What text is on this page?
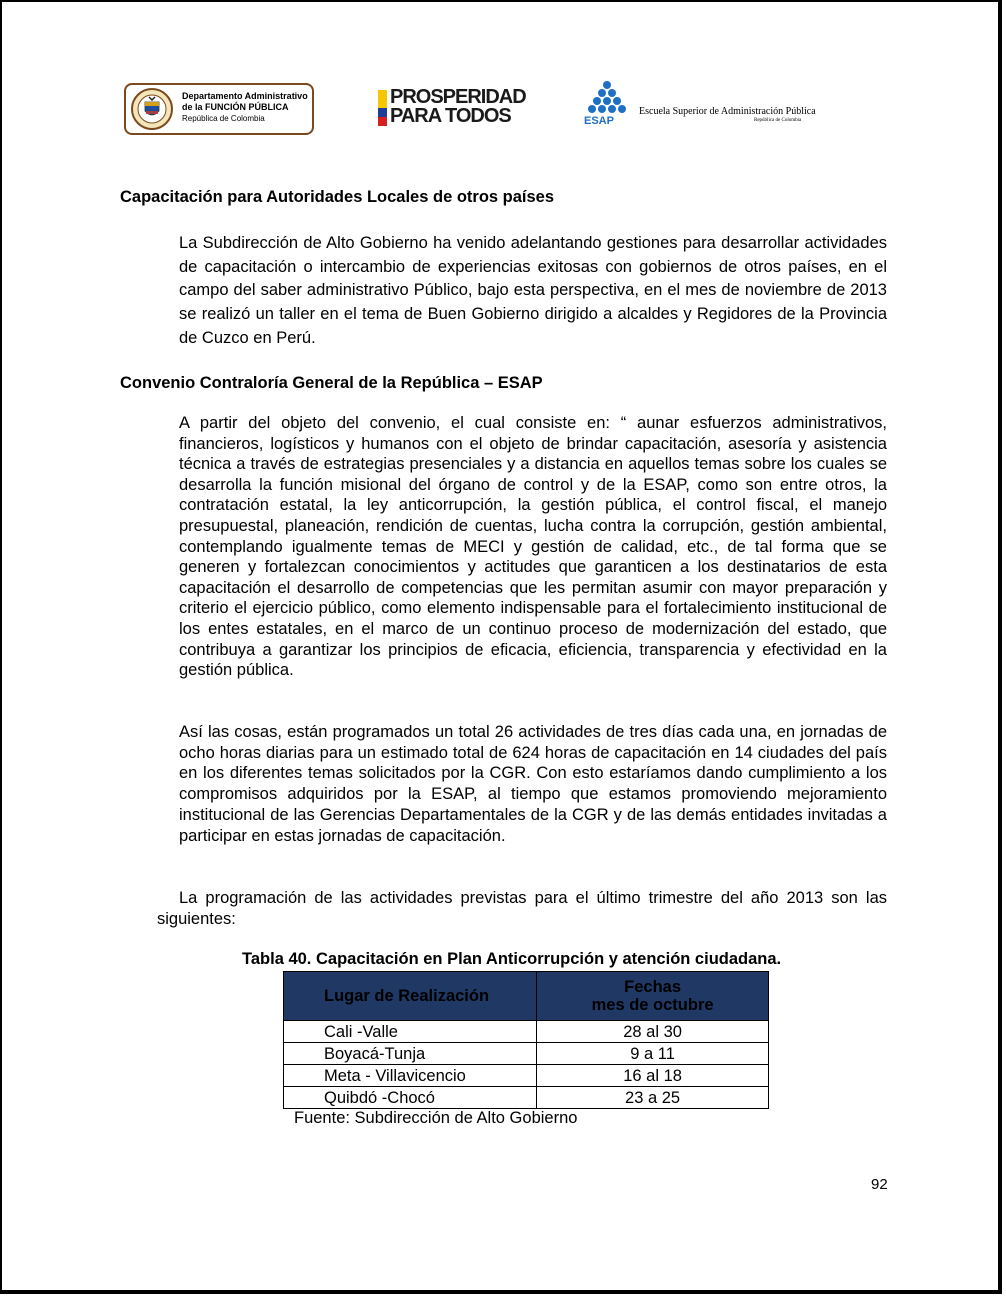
Departamento Administrativo
de la FUNCIÓN PÚBLICA
República de Colombia
PROSPERIDAD
PARA TODOS	ESAP
Escuela Superior de Administración Pública
República de Colombia

Capacitación para Autoridades Locales de otros países

La Subdirección de Alto Gobierno ha venido adelantando gestiones para desarrollar actividades de capacitación o intercambio de experiencias exitosas con gobiernos de otros países, en el campo del saber administrativo Público, bajo esta perspectiva, en el mes de noviembre de 2013 se realizó un taller en el tema de Buen Gobierno dirigido a alcaldes y Regidores de la Provincia de Cuzco en Perú.

Convenio Contraloría General de la República – ESAP

A partir del objeto del convenio, el cual consiste en: “ aunar esfuerzos administrativos, financieros, logísticos y humanos con el objeto de brindar capacitación, asesoría y asistencia técnica a través de estrategias presenciales y a distancia en aquellos temas sobre los cuales se desarrolla la función misional del órgano de control y de la ESAP, como son entre otros, la contratación estatal, la ley anticorrupción, la gestión pública, el control fiscal, el manejo presupuestal, planeación, rendición de cuentas, lucha contra la corrupción, gestión ambiental, contemplando igualmente temas de MECI y gestión de calidad, etc., de tal forma que se generen y fortalezcan conocimientos y actitudes que garanticen a los destinatarios de esta capacitación el desarrollo de competencias que les permitan asumir con mayor preparación y criterio el ejercicio público, como elemento indispensable para el fortalecimiento institucional de los entes estatales, en el marco de un continuo proceso de modernización del estado, que contribuya a garantizar los principios de eficacia, eficiencia, transparencia y efectividad en la gestión pública.

Así las cosas, están programados un total 26 actividades de tres días cada una, en jornadas de ocho horas diarias para un estimado total de 624 horas de capacitación en 14 ciudades del país en los diferentes temas solicitados por la CGR. Con esto estaríamos dando cumplimiento a los compromisos adquiridos por la ESAP, al tiempo que estamos promoviendo mejoramiento institucional de las Gerencias Departamentales de la CGR y de las demás entidades invitadas a participar en estas jornadas de capacitación.

La programación de las actividades previstas para el último trimestre del año 2013 son las siguientes:

Tabla 40. Capacitación en Plan Anticorrupción y atención ciudadana.

Lugar de Realización	Fechas
mes de octubre
Cali -Valle	28 al 30
Boyacá-Tunja	9 a 11
Meta - Villavicencio	16 al 18
Quibdó -Chocó	23 a 25

Fuente: Subdirección de Alto Gobierno

92
